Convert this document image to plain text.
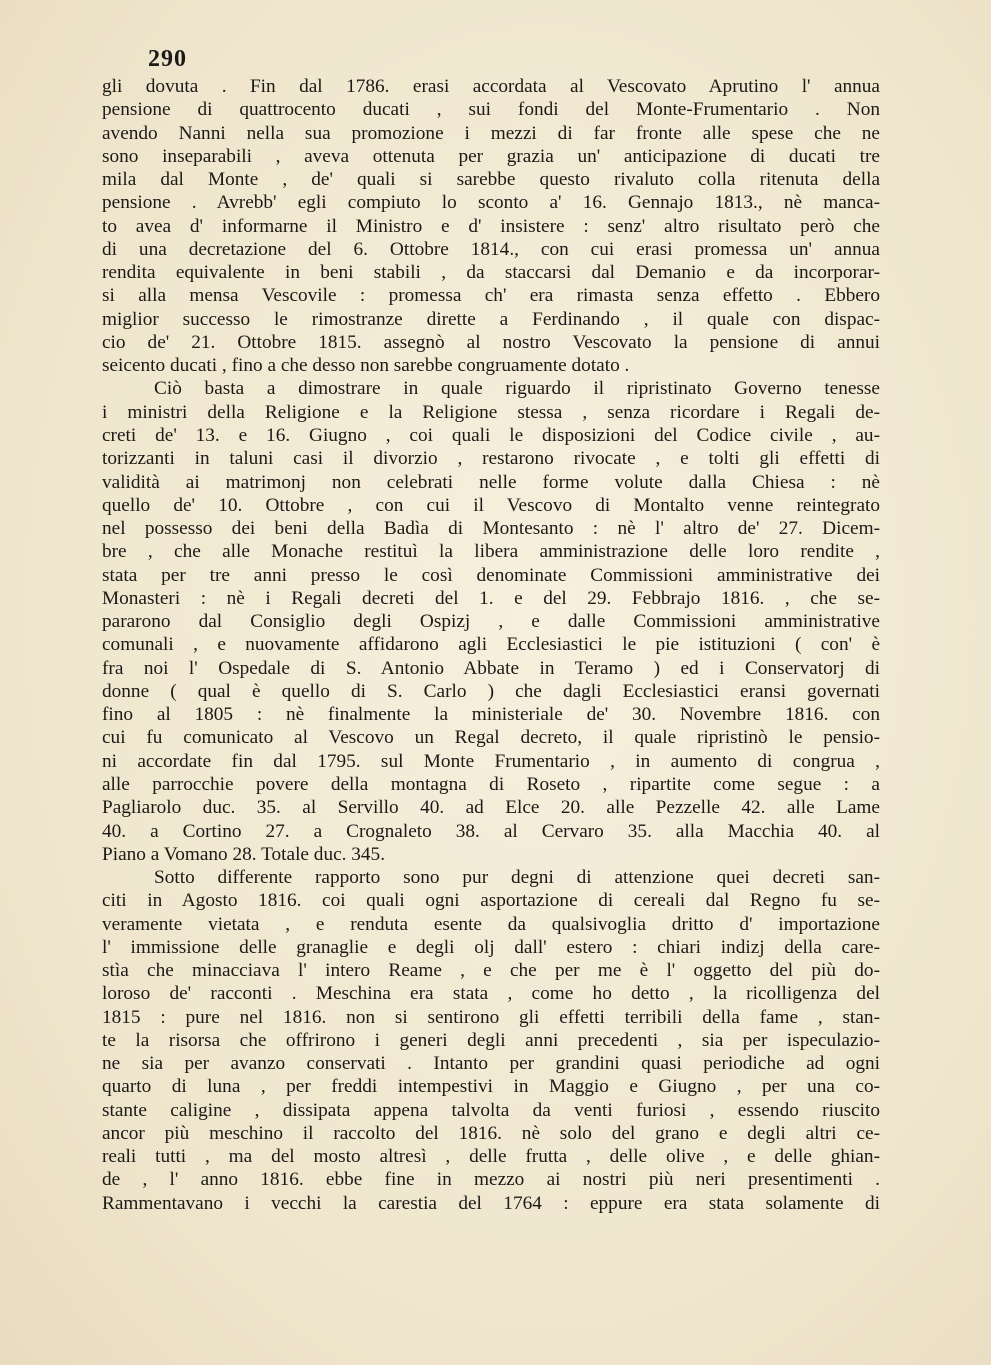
290
gli dovuta . Fin dal 1786. erasi accordata al Vescovato Aprutino l' annua
pensione di quattrocento ducati , sui fondi del Monte-Frumentario . Non
avendo Nanni nella sua promozione i mezzi di far fronte alle spese che ne
sono inseparabili , aveva ottenuta per grazia un' anticipazione di ducati tre
mila dal Monte , de' quali si sarebbe questo rivaluto colla ritenuta della
pensione . Avrebb' egli compiuto lo sconto a' 16. Gennajo 1813., nè manca-
to avea d' informarne il Ministro e d' insistere : senz' altro risultato però che
di una decretazione del 6. Ottobre 1814., con cui erasi promessa un' annua
rendita equivalente in beni stabili , da staccarsi dal Demanio e da incorporar-
si alla mensa Vescovile : promessa ch' era rimasta senza effetto . Ebbero
miglior successo le rimostranze dirette a Ferdinando , il quale con dispac-
cio de' 21. Ottobre 1815. assegnò al nostro Vescovato la pensione di annui
seicento ducati , fino a che desso non sarebbe congruamente dotato .
Ciò basta a dimostrare in quale riguardo il ripristinato Governo tenesse
i ministri della Religione e la Religione stessa , senza ricordare i Regali de-
creti de' 13. e 16. Giugno , coi quali le disposizioni del Codice civile , au-
torizzanti in taluni casi il divorzio , restarono rivocate , e tolti gli effetti di
validità ai matrimonj non celebrati nelle forme volute dalla Chiesa : nè
quello de' 10. Ottobre , con cui il Vescovo di Montalto venne reintegrato
nel possesso dei beni della Badìa di Montesanto : nè l' altro de' 27. Dicem-
bre , che alle Monache restituì la libera amministrazione delle loro rendite ,
stata per tre anni presso le così denominate Commissioni amministrative dei
Monasteri : nè i Regali decreti del 1. e del 29. Febbrajo 1816. , che se-
pararono dal Consiglio degli Ospizj , e dalle Commissioni amministrative
comunali , e nuovamente affidarono agli Ecclesiastici le pie istituzioni ( con' è
fra noi l' Ospedale di S. Antonio Abbate in Teramo ) ed i Conservatorj di
donne ( qual è quello di S. Carlo ) che dagli Ecclesiastici eransi governati
fino al 1805 : nè finalmente la ministeriale de' 30. Novembre 1816. con
cui fu comunicato al Vescovo un Regal decreto, il quale ripristinò le pensio-
ni accordate fin dal 1795. sul Monte Frumentario , in aumento di congrua ,
alle parrocchie povere della montagna di Roseto , ripartite come segue : a
Pagliarolo duc. 35. al Servillo 40. ad Elce 20. alle Pezzelle 42. alle Lame
40. a Cortino 27. a Crognaleto 38. al Cervaro 35. alla Macchia 40. al
Piano a Vomano 28. Totale duc. 345.
Sotto differente rapporto sono pur degni di attenzione quei decreti san-
citi in Agosto 1816. coi quali ogni asportazione di cereali dal Regno fu se-
veramente vietata , e renduta esente da qualsivoglia dritto d' importazione
l' immissione delle granaglie e degli olj dall' estero : chiari indizj della care-
stìa che minacciava l' intero Reame , e che per me è l' oggetto del più do-
loroso de' racconti . Meschina era stata , come ho detto , la ricolligenza del
1815 : pure nel 1816. non si sentirono gli effetti terribili della fame , stan-
te la risorsa che offrirono i generi degli anni precedenti , sia per ispeculazio-
ne sia per avanzo conservati . Intanto per grandini quasi periodiche ad ogni
quarto di luna , per freddi intempestivi in Maggio e Giugno , per una co-
stante caligine , dissipata appena talvolta da venti furiosi , essendo riuscito
ancor più meschino il raccolto del 1816. nè solo del grano e degli altri ce-
reali tutti , ma del mosto altresì , delle frutta , delle olive , e delle ghian-
de , l' anno 1816. ebbe fine in mezzo ai nostri più neri presentimenti .
Rammentavano i vecchi la carestia del 1764 : eppure era stata solamente di
